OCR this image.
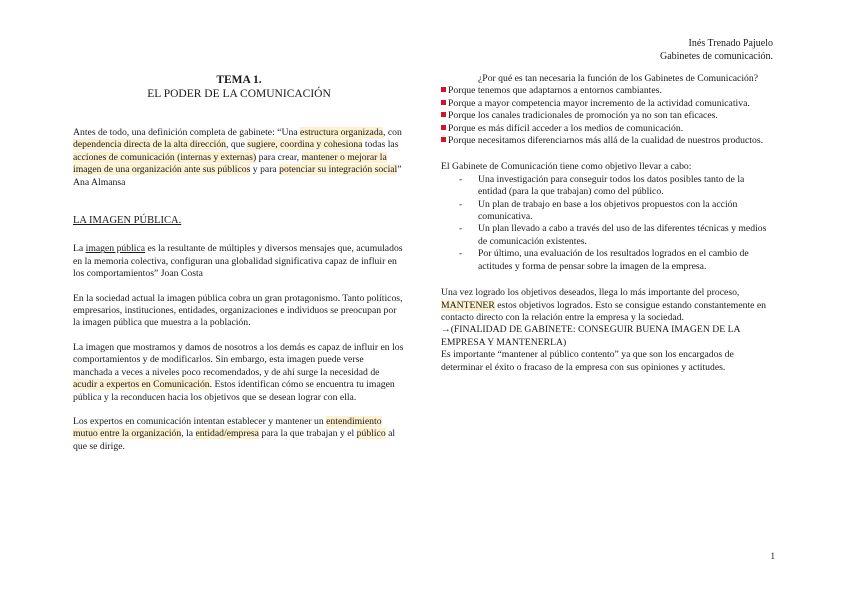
Inés Trenado Pajuelo
Gabinetes de comunicación.
TEMA 1.
EL PODER DE LA COMUNICACIÓN

Antes de todo, una definición completa de gabinete: “Una estructura organizada, con dependencia directa de la alta dirección, que sugiere, coordina y cohesiona todas las acciones de comunicación (internas y externas) para crear, mantener o mejorar la imagen de una organización ante sus públicos y para potenciar su integración social” Ana Almansa

LA IMAGEN PÚBLICA.

La imagen pública es la resultante de múltiples y diversos mensajes que, acumulados en la memoria colectiva, configuran una globalidad significativa capaz de influir en los comportamientos” Joan Costa

En la sociedad actual la imagen pública cobra un gran protagonismo. Tanto políticos, empresarios, instituciones, entidades, organizaciones e individuos se preocupan por la imagen pública que muestra a la población.

La imagen que mostramos y damos de nosotros a los demás es capaz de influir en los comportamientos y de modificarlos. Sin embargo, esta imagen puede verse manchada a veces a niveles poco recomendados, y de ahí surge la necesidad de acudir a expertos en Comunicación. Estos identifican cómo se encuentra tu imagen pública y la reconducen hacia los objetivos que se desean lograr con ella.

Los expertos en comunicación intentan establecer y mantener un entendimiento mutuo entre la organización, la entidad/empresa para la que trabajan y el público al que se dirige.

¿Por qué es tan necesaria la función de los Gabinetes de Comunicación?

Porque tenemos que adaptarnos a entornos cambiantes.
Porque a mayor competencia mayor incremento de la actividad comunicativa.
Porque los canales tradicionales de promoción ya no son tan eficaces.
Porque es más difícil acceder a los medios de comunicación.
Porque necesitamos diferenciarnos más allá de la cualidad de nuestros productos.

El Gabinete de Comunicación tiene como objetivo llevar a cabo:

- Una investigación para conseguir todos los datos posibles tanto de la entidad (para la que trabajan) como del público.
- Un plan de trabajo en base a los objetivos propuestos con la acción comunicativa.
- Un plan llevado a cabo a través del uso de las diferentes técnicas y medios de comunicación existentes.
- Por último, una evaluación de los resultados logrados en el cambio de actitudes y forma de pensar sobre la imagen de la empresa.

Una vez logrado los objetivos deseados, llega lo más importante del proceso, MANTENER estos objetivos logrados. Esto se consigue estando constantemente en contacto directo con la relación entre la empresa y la sociedad.

→(FINALIDAD DE GABINETE: CONSEGUIR BUENA IMAGEN DE LA EMPRESA Y MANTENERLA)

Es importante “mantener al público contento” ya que son los encargados de determinar el éxito o fracaso de la empresa con sus opiniones y actitudes.

1
